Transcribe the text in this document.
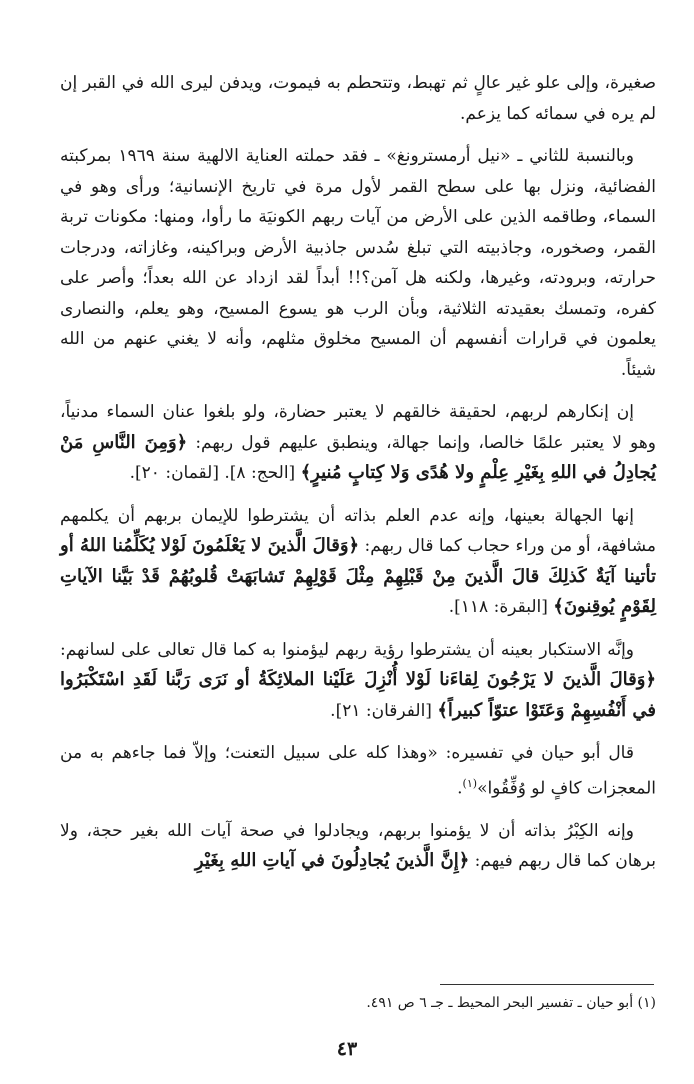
صغيرة، وإلى علو غير عالٍ ثم تهبط، وتتحطم به فيموت، ويدفن ليرى الله في القبر إن لم يره في سمائه كما يزعم.

وبالنسبة للثاني ـ «نيل أرمسترونغ» ـ فقد حملته العناية الالهية سنة ١٩٦٩ بمركبته الفضائية، ونزل بها على سطح القمر لأول مرة في تاريخ الإنسانية؛ ورأى وهو في السماء، وطاقمه الذين على الأرض من آيات ربهم الكونيَة ما رأوا، ومنها: مكونات تربة القمر، وصخوره، وجاذبيته التي تبلغ سُدس جاذبية الأرض وبراكينه، وغازاته، ودرجات حرارته، وبرودته، وغيرها، ولكنه هل آمن؟!! أبداً لقد ازداد عن الله بعداً؛ وأصر على كفره، وتمسك بعقيدته الثلاثية، وبأن الرب هو يسوع المسيح، وهو يعلم، والنصارى يعلمون في قرارات أنفسهم أن المسيح مخلوق مثلهم، وأنه لا يغني عنهم من الله شيئاً.

إن إنكارهم لربهم، لحقيقة خالقهم لا يعتبر حضارة، ولو بلغوا عنان السماء مدنياً، وهو لا يعتبر علمًا خالصا، وإنما جهالة، وينطبق عليهم قول ربهم: ﴿وَمِنَ النَّاسِ مَنْ يُجادِلُ في اللهِ بِغَيْرِ عِلْمٍ ولا هُدًى وَلا كِتابٍ مُنيرٍ﴾ [الحج: ٨]. [لقمان: ٢٠].

إنها الجهالة بعينها، وإنه عدم العلم بذاته أن يشترطوا للإيمان بربهم أن يكلمهم مشافهة، أو من وراء حجاب كما قال ربهم: ﴿وَقالَ الَّذينَ لا يَعْلَمُونَ لَوْلا يُكَلِّمُنا اللهُ أو تأتينا آيَةٌ كَذلِكَ قالَ الَّذينَ مِنْ قَبْلِهِمْ مِثْلَ قَوْلِهِمْ تَشابَهَتْ قُلوبُهُمْ قَدْ بَيَّنا الآياتِ لِقَوْمٍ يُوقِنونَ﴾ [البقرة: ١١٨].

وإنَّه الاستكبار بعينه أن يشترطوا رؤية ربهم ليؤمنوا به كما قال تعالى على لسانهم: ﴿وَقالَ الَّذينَ لا يَرْجُونَ لِقاءَنا لَوْلا أُنْزِلَ عَلَيْنا الملائِكَةُ أو نَرَى رَبَّنا لَقَدِ اسْتَكْبَرُوا في أَنْفُسِهِمْ وَعَتَوْا عتوّاً كبيراً﴾ [الفرقان: ٢١].

قال أبو حيان في تفسيره: «وهذا كله على سبيل التعنت؛ وإلاّ فما جاءهم به من المعجزات كافٍ لو وُفِّقُوا»$^{(١)}$.

وإنه الكِبْرُ بذاته أن لا يؤمنوا بربهم، ويجادلوا في صحة آيات الله بغير حجة، ولا برهان كما قال ربهم فيهم: ﴿إِنَّ الَّذينَ يُجادِلُونَ في آياتِ اللهِ بِغَيْرِ

(١) أبو حيان ـ تفسير البحر المحيط ـ جـ ٦ ص ٤٩١.
٤٣
